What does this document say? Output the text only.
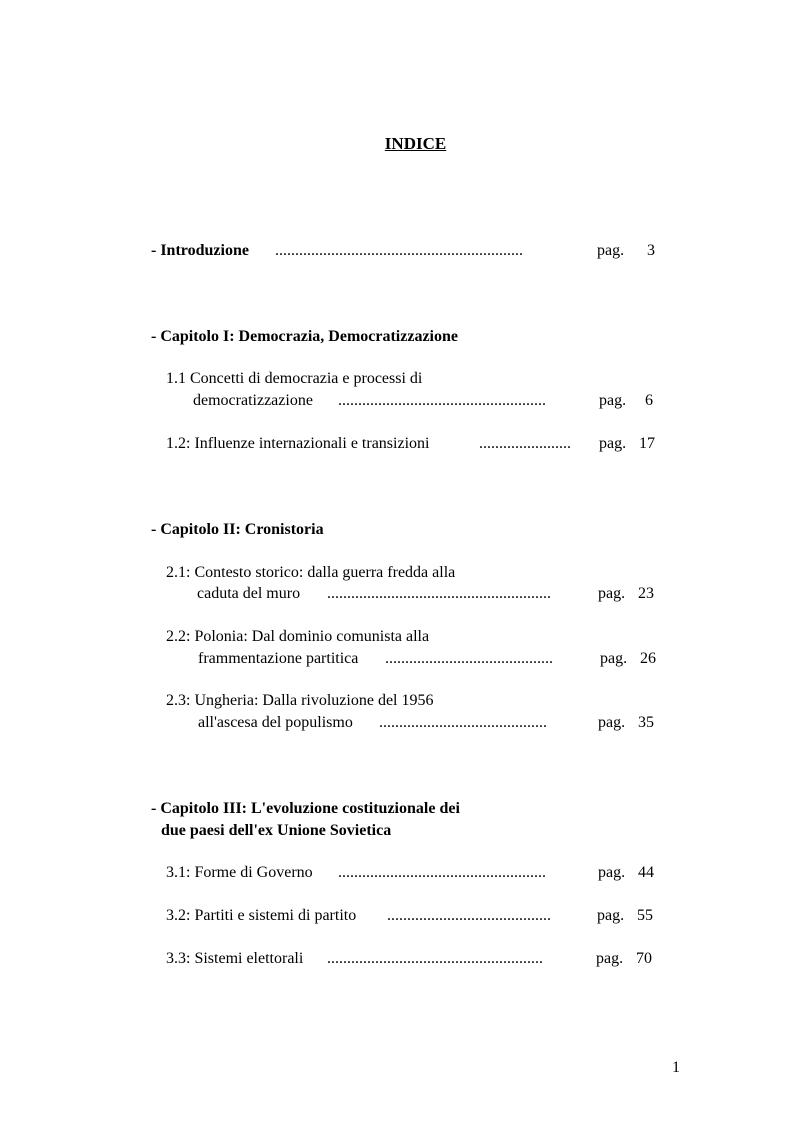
INDICE
- Introduzione ..............................................................	pag. 3
- Capitolo I: Democrazia, Democratizzazione
1.1 Concetti di democrazia e processi di
democratizzazione ....................................................	pag. 6
1.2: Influenze internazionali e transizioni	....................... pag. 17
- Capitolo II: Cronistoria
2.1: Contesto storico: dalla guerra fredda alla
caduta del muro ........................................................	pag. 23
2.2: Polonia: Dal dominio comunista alla
frammentazione partitica ..........................................	pag. 26
2.3: Ungheria: Dalla rivoluzione del 1956
all'ascesa del populismo ..........................................	pag. 35
- Capitolo III: L'evoluzione costituzionale dei
due paesi dell'ex Unione Sovietica
3.1: Forme di Governo ....................................................	pag. 44
3.2: Partiti e sistemi di partito .........................................	pag. 55
3.3: Sistemi elettorali ......................................................	pag. 70
1
